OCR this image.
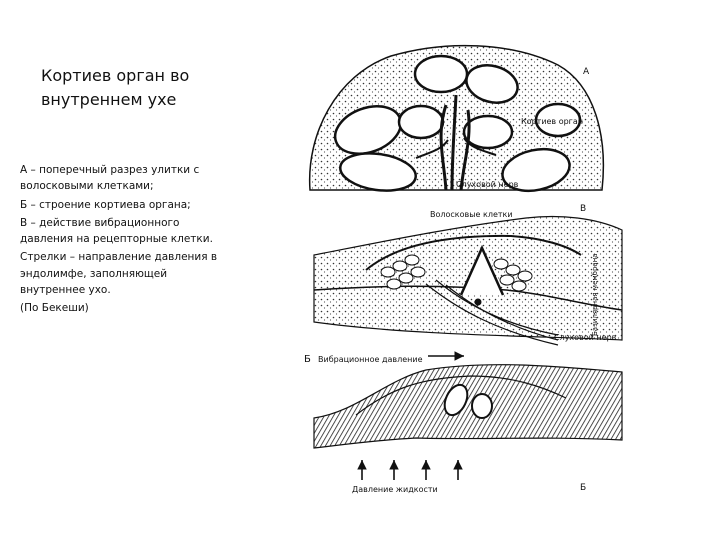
Кортиев орган во
внутреннем ухе

А – поперечный разрез улитки с волосковыми клетками;

Б – строение кортиева органа;

В – действие вибрационного давления на рецепторные клетки.

Стрелки – направление давления в эндолимфе, заполняющей внутреннее ухо.

(По Бекеши)

А
Кортиев орган
Слуховой нерв
В
Волосковые клетки
Базилярная мембрана
Слуховой нерв
Б Вибрационное давление
Давление жидкости	Б
